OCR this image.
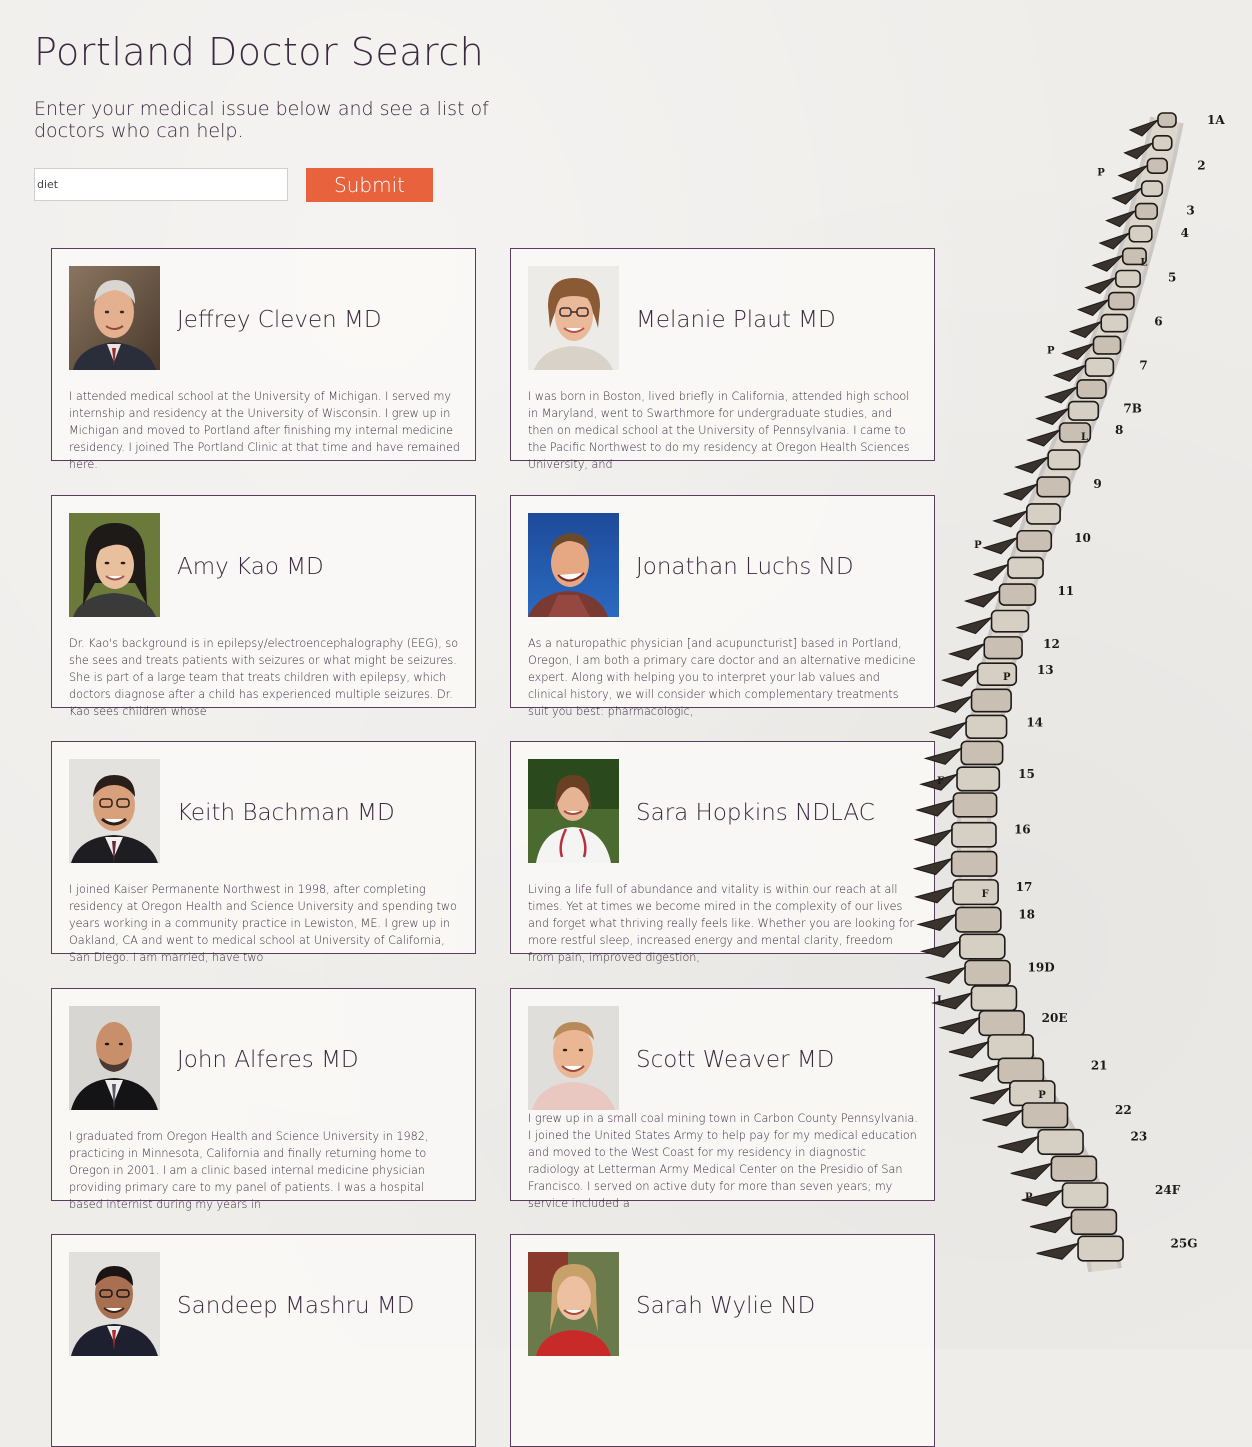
Portland Doctor Search

Enter your medical issue below and see a list of doctors who can help.

diet
Submit
Jeffrey Cleven MD
I attended medical school at the University of Michigan. I served my internship and residency at the University of Wisconsin. I grew up in Michigan and moved to Portland after finishing my internal medicine residency. I joined The Portland Clinic at that time and have remained here.
Melanie Plaut MD
I was born in Boston, lived briefly in California, attended high school in Maryland, went to Swarthmore for undergraduate studies, and then on medical school at the University of Pennsylvania. I came to the Pacific Northwest to do my residency at Oregon Health Sciences University, and
Amy Kao MD
Dr. Kao's background is in epilepsy/electroencephalography (EEG), so she sees and treats patients with seizures or what might be seizures. She is part of a large team that treats children with epilepsy, which doctors diagnose after a child has experienced multiple seizures. Dr. Kao sees children whose
Jonathan Luchs ND
As a naturopathic physician [and acupuncturist] based in Portland, Oregon, I am both a primary care doctor and an alternative medicine expert. Along with helping you to interpret your lab values and clinical history, we will consider which complementary treatments suit you best: pharmacologic,
Keith Bachman MD
I joined Kaiser Permanente Northwest in 1998, after completing residency at Oregon Health and Science University and spending two years working in a community practice in Lewiston, ME. I grew up in Oakland, CA and went to medical school at University of California, San Diego. I am married, have two
Sara Hopkins NDLAC
Living a life full of abundance and vitality is within our reach at all times. Yet at times we become mired in the complexity of our lives and forget what thriving really feels like. Whether you are looking for more restful sleep, increased energy and mental clarity, freedom from pain, improved digestion,
John Alferes MD
I graduated from Oregon Health and Science University in 1982, practicing in Minnesota, California and finally returning home to Oregon in 2001. I am a clinic based internal medicine physician providing primary care to my panel of patients. I was a hospital based internist during my years in
Scott Weaver MD
I grew up in a small coal mining town in Carbon County Pennsylvania. I joined the United States Army to help pay for my medical education and moved to the West Coast for my residency in diagnostic radiology at Letterman Army Medical Center on the Presidio of San Francisco. I served on active duty for more than seven years; my service included a
Sandeep Mashru MD	Sarah Wylie ND
1A
2
3
4
5
6
7
7B
8
9
10
11
12
13
14
15
16
17
18
19D
20E
21
22
23
24F
25G
P
L
P
L
P
P
F
F
L
P
P
